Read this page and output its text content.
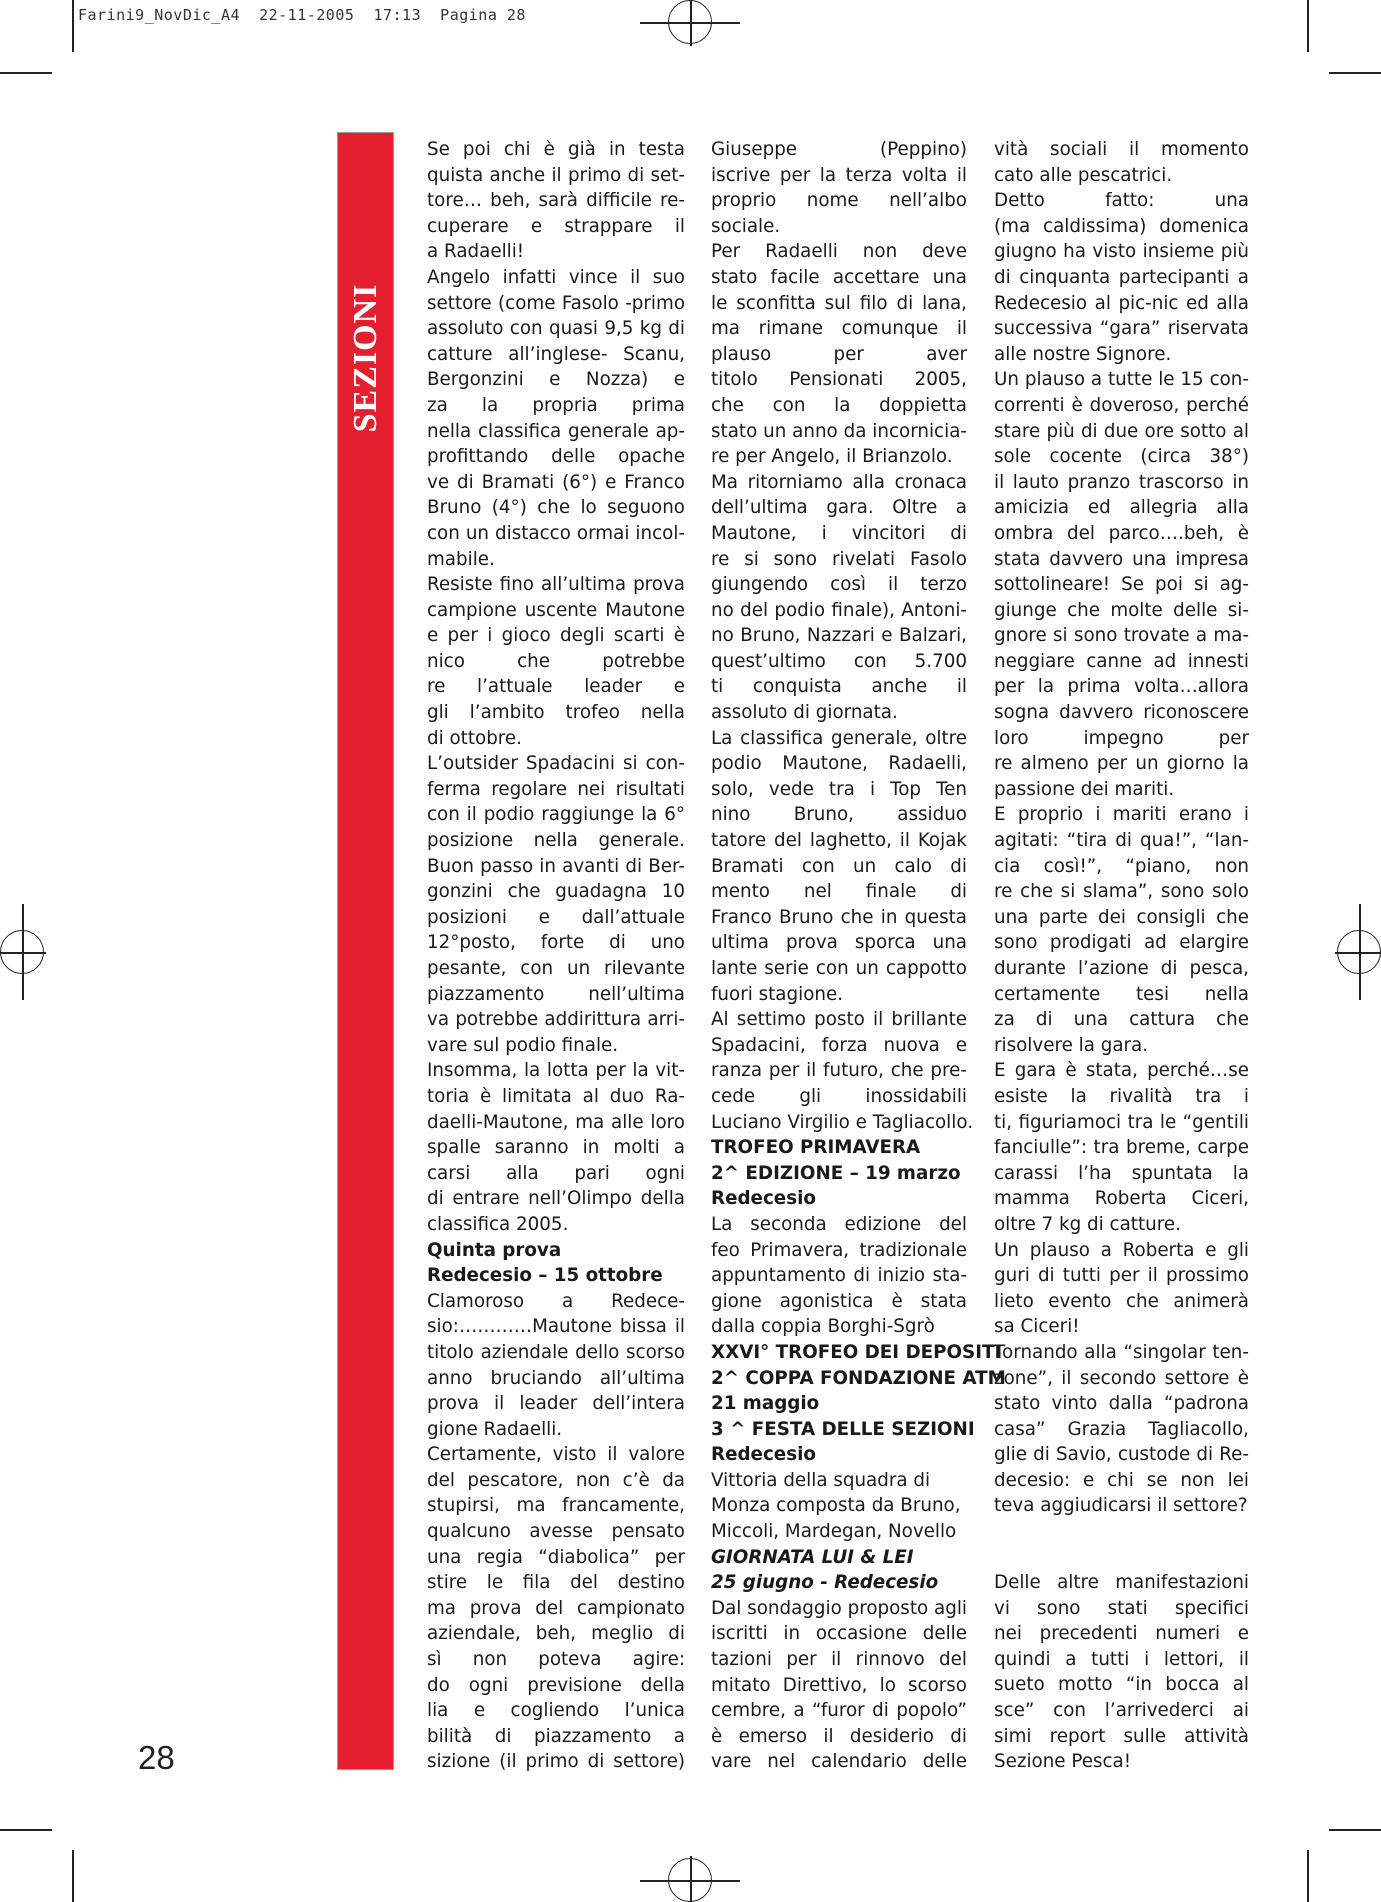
Farini9_NovDic_A4  22-11-2005  17:13  Pagina 28
SEZIONI
28
Se poi chi è già in testa
quista anche il primo di set-
tore… beh, sarà difficile re-
cuperare e strappare il
a Radaelli!
Angelo infatti vince il suo
settore (come Fasolo -primo
assoluto con quasi 9,5 kg di
catture all’inglese- Scanu,
Bergonzini e Nozza) e
za la propria prima
nella classifica generale ap-
profittando delle opache
ve di Bramati (6°) e Franco
Bruno (4°) che lo seguono
con un distacco ormai incol-
mabile.
Resiste fino all’ultima prova
campione uscente Mautone
e per i gioco degli scarti è
nico che potrebbe
re l’attuale leader e
gli l’ambito trofeo nella
di ottobre.
L’outsider Spadacini si con-
ferma regolare nei risultati
con il podio raggiunge la 6°
posizione nella generale.
Buon passo in avanti di Ber-
gonzini che guadagna 10
posizioni e dall’attuale
12°posto, forte di uno
pesante, con un rilevante
piazzamento nell’ultima
va potrebbe addirittura arri-
vare sul podio finale.
Insomma, la lotta per la vit-
toria è limitata al duo Ra-
daelli-Mautone, ma alle loro
spalle saranno in molti a
carsi alla pari ogni
di entrare nell’Olimpo della
classifica 2005.
Quinta prova
Redecesio – 15 ottobre
Clamoroso a Redece-
sio:…………Mautone bissa il
titolo aziendale dello scorso
anno bruciando all’ultima
prova il leader dell’intera
gione Radaelli.
Certamente, visto il valore
del pescatore, non c’è da
stupirsi, ma francamente,
qualcuno avesse pensato
una regia “diabolica” per
stire le fila del destino
ma prova del campionato
aziendale, beh, meglio di
sì non poteva agire:
do ogni previsione della
lia e cogliendo l’unica
bilità di piazzamento a
sizione (il primo di settore)
Giuseppe (Peppino)
iscrive per la terza volta il
proprio nome nell’albo
sociale.
Per Radaelli non deve
stato facile accettare una
le sconfitta sul filo di lana,
ma rimane comunque il
plauso per aver
titolo Pensionati 2005,
che con la doppietta
stato un anno da incornicia-
re per Angelo, il Brianzolo.
Ma ritorniamo alla cronaca
dell’ultima gara. Oltre a
Mautone, i vincitori di
re si sono rivelati Fasolo
giungendo così il terzo
no del podio finale), Antoni-
no Bruno, Nazzari e Balzari,
quest’ultimo con 5.700
ti conquista anche il
assoluto di giornata.
La classifica generale, oltre
podio Mautone, Radaelli,
solo, vede tra i Top Ten
nino Bruno, assiduo
tatore del laghetto, il Kojak
Bramati con un calo di
mento nel finale di
Franco Bruno che in questa
ultima prova sporca una
lante serie con un cappotto
fuori stagione.
Al settimo posto il brillante
Spadacini, forza nuova e
ranza per il futuro, che pre-
cede gli inossidabili
Luciano Virgilio e Tagliacollo.
TROFEO PRIMAVERA
2^ EDIZIONE – 19 marzo
Redecesio
La seconda edizione del
feo Primavera, tradizionale
appuntamento di inizio sta-
gione agonistica è stata
dalla coppia Borghi-Sgrò
XXVI° TROFEO DEI DEPOSITI
2^ COPPA FONDAZIONE ATM
21 maggio
3 ^ FESTA DELLE SEZIONI
Redecesio
Vittoria della squadra di
Monza composta da Bruno,
Miccoli, Mardegan, Novello
GIORNATA LUI & LEI
25 giugno - Redecesio
Dal sondaggio proposto agli
iscritti in occasione delle
tazioni per il rinnovo del
mitato Direttivo, lo scorso
cembre, a “furor di popolo”
è emerso il desiderio di
vare nel calendario delle
vità sociali il momento
cato alle pescatrici.
Detto fatto: una
(ma caldissima) domenica
giugno ha visto insieme più
di cinquanta partecipanti a
Redecesio al pic-nic ed alla
successiva “gara” riservata
alle nostre Signore.
Un plauso a tutte le 15 con-
correnti è doveroso, perché
stare più di due ore sotto al
sole cocente (circa 38°)
il lauto pranzo trascorso in
amicizia ed allegria alla
ombra del parco….beh, è
stata davvero una impresa
sottolineare! Se poi si ag-
giunge che molte delle si-
gnore si sono trovate a ma-
neggiare canne ad innesti
per la prima volta…allora
sogna davvero riconoscere
loro impegno per
re almeno per un giorno la
passione dei mariti.
E proprio i mariti erano i
agitati: “tira di qua!”, “lan-
cia così!”, “piano, non
re che si slama”, sono solo
una parte dei consigli che
sono prodigati ad elargire
durante l’azione di pesca,
certamente tesi nella
za di una cattura che
risolvere la gara.
E gara è stata, perché…se
esiste la rivalità tra i
ti, figuriamoci tra le “gentili
fanciulle”: tra breme, carpe
carassi l’ha spuntata la
mamma Roberta Ciceri,
oltre 7 kg di catture.
Un plauso a Roberta e gli
guri di tutti per il prossimo
lieto evento che animerà
sa Ciceri!
Tornando alla “singolar ten-
zone”, il secondo settore è
stato vinto dalla “padrona
casa” Grazia Tagliacollo,
glie di Savio, custode di Re-
decesio: e chi se non lei
teva aggiudicarsi il settore?
Delle altre manifestazioni
vi sono stati specifici
nei precedenti numeri e
quindi a tutti i lettori, il
sueto motto “in bocca al
sce” con l’arrivederci ai
simi report sulle attività
Sezione Pesca!
